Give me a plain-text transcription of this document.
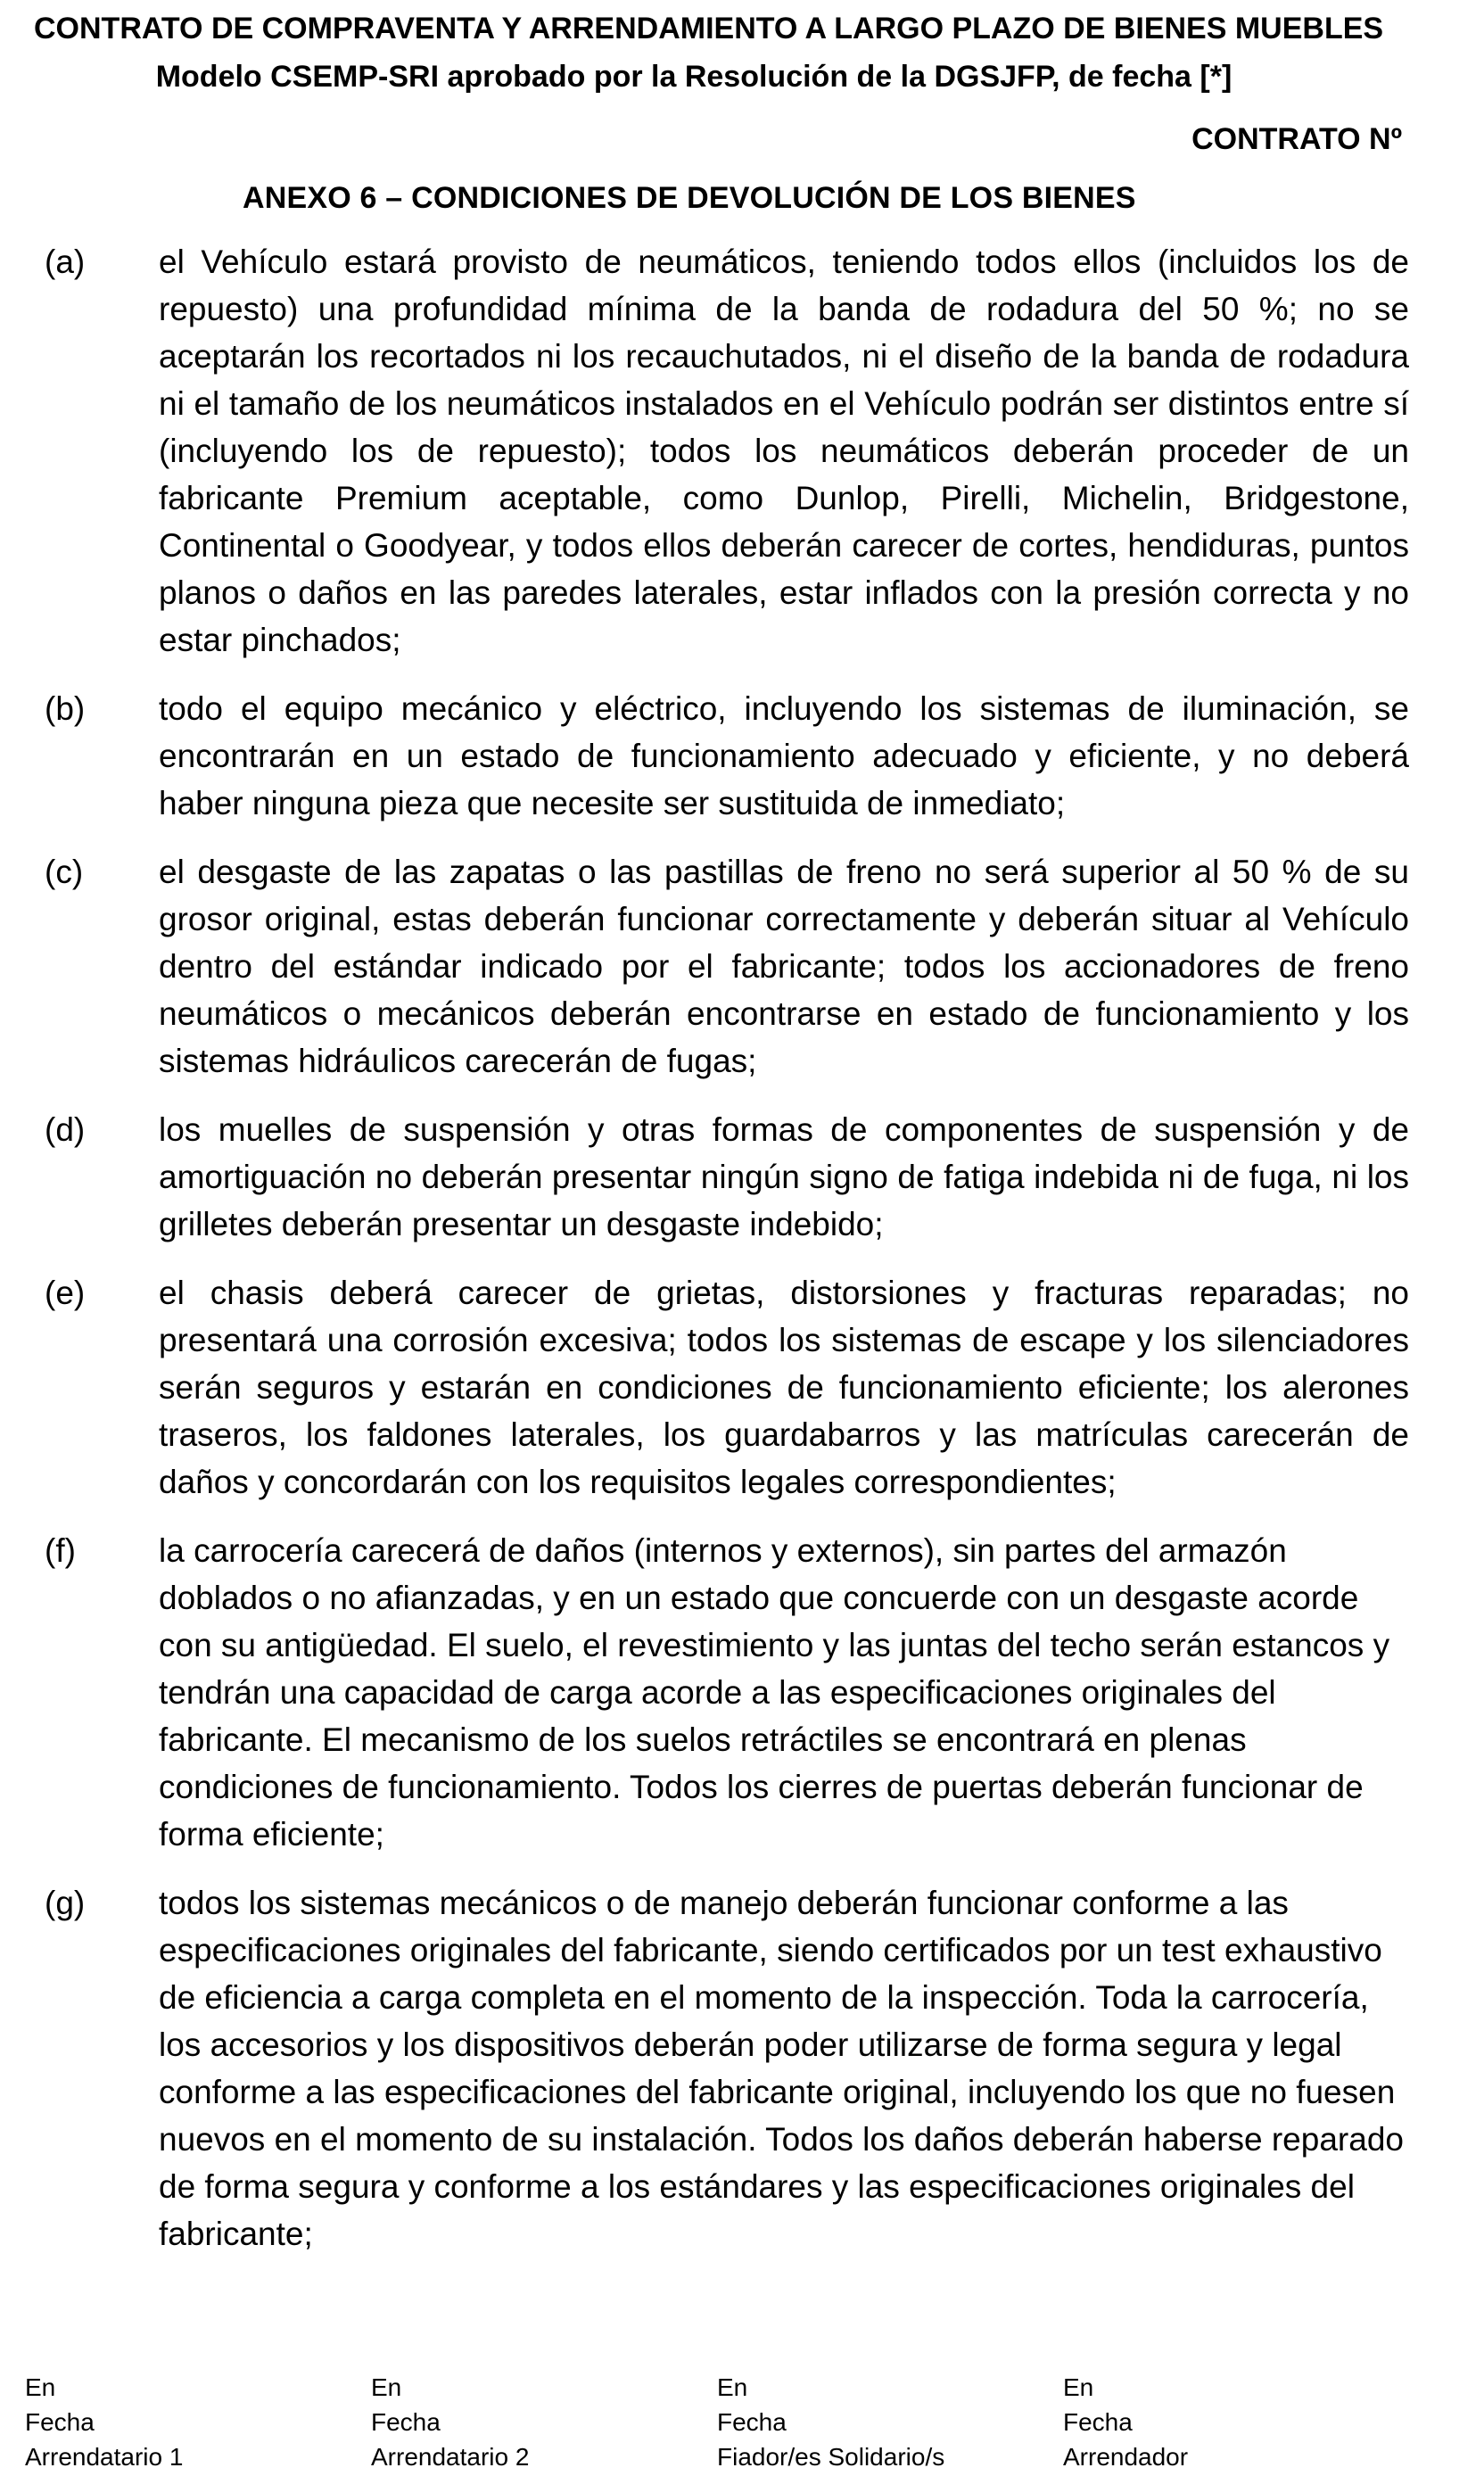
CONTRATO DE COMPRAVENTA Y ARRENDAMIENTO A LARGO PLAZO DE BIENES MUEBLES
Modelo CSEMP-SRI aprobado por la Resolución de la DGSJFP, de fecha [*]
CONTRATO Nº
ANEXO 6 – CONDICIONES DE DEVOLUCIÓN DE LOS BIENES
(a)	el Vehículo estará provisto de neumáticos, teniendo todos ellos (incluidos los de repuesto) una profundidad mínima de la banda de rodadura del 50 %; no se aceptarán los recortados ni los recauchutados, ni el diseño de la banda de rodadura ni el tamaño de los neumáticos instalados en el Vehículo podrán ser distintos entre sí (incluyendo los de repuesto); todos los neumáticos deberán proceder de un fabricante Premium aceptable, como Dunlop, Pirelli, Michelin, Bridgestone, Continental o Goodyear, y todos ellos deberán carecer de cortes, hendiduras, puntos planos o daños en las paredes laterales, estar inflados con la presión correcta y no estar pinchados;
(b)	todo el equipo mecánico y eléctrico, incluyendo los sistemas de iluminación, se encontrarán en un estado de funcionamiento adecuado y eficiente, y no deberá haber ninguna pieza que necesite ser sustituida de inmediato;
(c)	el desgaste de las zapatas o las pastillas de freno no será superior al 50 % de su grosor original, estas deberán funcionar correctamente y deberán situar al Vehículo dentro del estándar indicado por el fabricante; todos los accionadores de freno neumáticos o mecánicos deberán encontrarse en estado de funcionamiento y los sistemas hidráulicos carecerán de fugas;
(d)	los muelles de suspensión y otras formas de componentes de suspensión y de amortiguación no deberán presentar ningún signo de fatiga indebida ni de fuga, ni los grilletes deberán presentar un desgaste indebido;
(e)	el chasis deberá carecer de grietas, distorsiones y fracturas reparadas; no presentará una corrosión excesiva; todos los sistemas de escape y los silenciadores serán seguros y estarán en condiciones de funcionamiento eficiente; los alerones traseros, los faldones laterales, los guardabarros y las matrículas carecerán de daños y concordarán con los requisitos legales correspondientes;
(f)	la carrocería carecerá de daños (internos y externos), sin partes del armazón doblados o no afianzadas, y en un estado que concuerde con un desgaste acorde con su antigüedad. El suelo, el revestimiento y las juntas del techo serán estancos y tendrán una capacidad de carga acorde a las especificaciones originales del fabricante. El mecanismo de los suelos retráctiles se encontrará en plenas condiciones de funcionamiento. Todos los cierres de puertas deberán funcionar de forma eficiente;
(g)	todos los sistemas mecánicos o de manejo deberán funcionar conforme a las especificaciones originales del fabricante, siendo certificados por un test exhaustivo de eficiencia a carga completa en el momento de la inspección. Toda la carrocería, los accesorios y los dispositivos deberán poder utilizarse de forma segura y legal conforme a las especificaciones del fabricante original, incluyendo los que no fuesen nuevos en el momento de su instalación. Todos los daños deberán haberse reparado de forma segura y conforme a los estándares y las especificaciones originales del fabricante;
En
Fecha
Arrendatario 1
En
Fecha
Arrendatario 2
En
Fecha
Fiador/es Solidario/s
En
Fecha
Arrendador
